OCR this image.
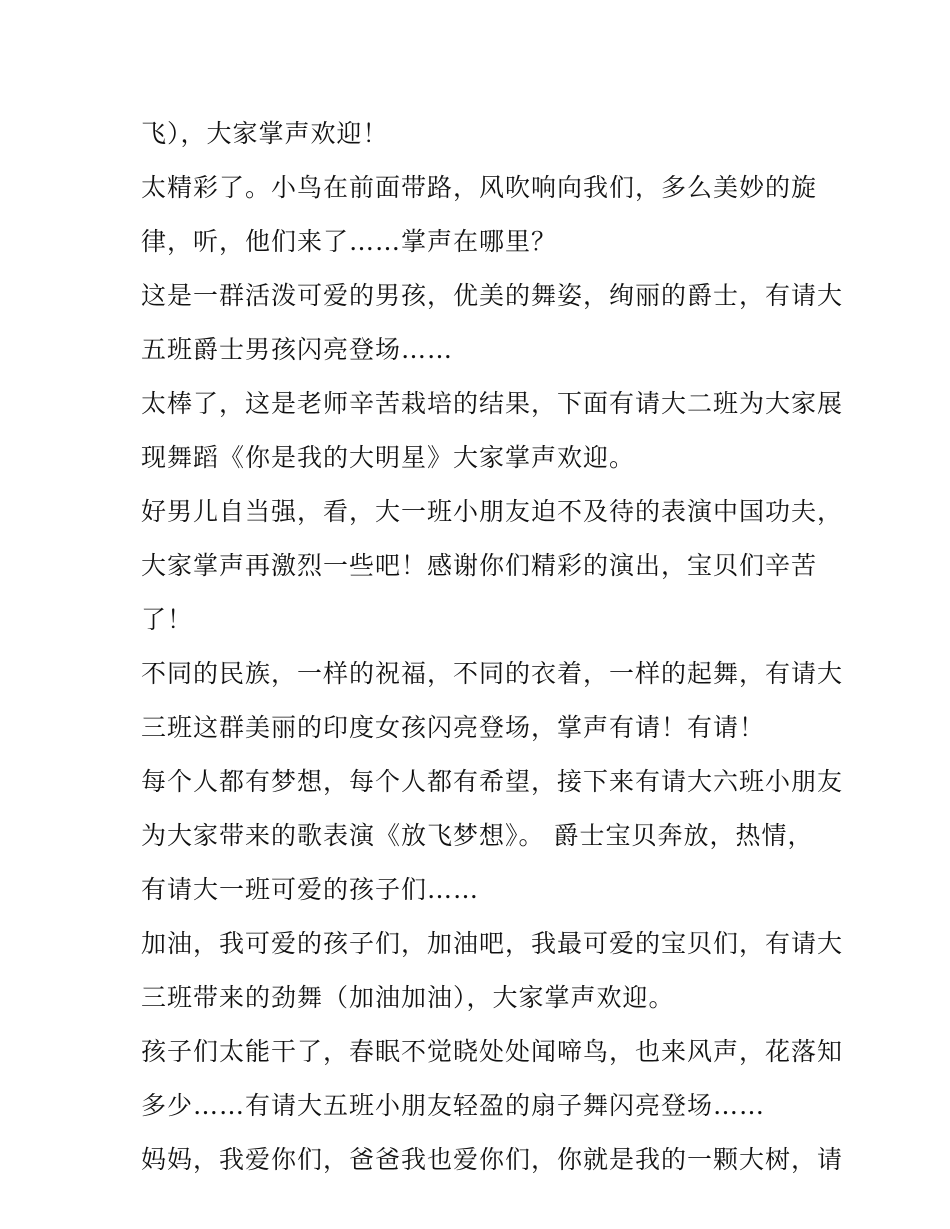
飞），大家掌声欢迎！
太精彩了。小鸟在前面带路，风吹响向我们，多么美妙的旋
律，听，他们来了……掌声在哪里？
这是一群活泼可爱的男孩，优美的舞姿，绚丽的爵士，有请大
五班爵士男孩闪亮登场……
太棒了，这是老师辛苦栽培的结果，下面有请大二班为大家展
现舞蹈《你是我的大明星》大家掌声欢迎。
好男儿自当强，看，大一班小朋友迫不及待的表演中国功夫，
大家掌声再激烈一些吧！感谢你们精彩的演出，宝贝们辛苦
了！
不同的民族，一样的祝福，不同的衣着，一样的起舞，有请大
三班这群美丽的印度女孩闪亮登场，掌声有请！有请！
每个人都有梦想，每个人都有希望，接下来有请大六班小朋友
为大家带来的歌表演《放飞梦想》。 爵士宝贝奔放，热情，
有请大一班可爱的孩子们……
加油，我可爱的孩子们，加油吧，我最可爱的宝贝们，有请大
三班带来的劲舞（加油加油），大家掌声欢迎。
孩子们太能干了，春眠不觉晓处处闻啼鸟，也来风声，花落知
多少……有请大五班小朋友轻盈的扇子舞闪亮登场……
妈妈，我爱你们，爸爸我也爱你们，你就是我的一颗大树，请
